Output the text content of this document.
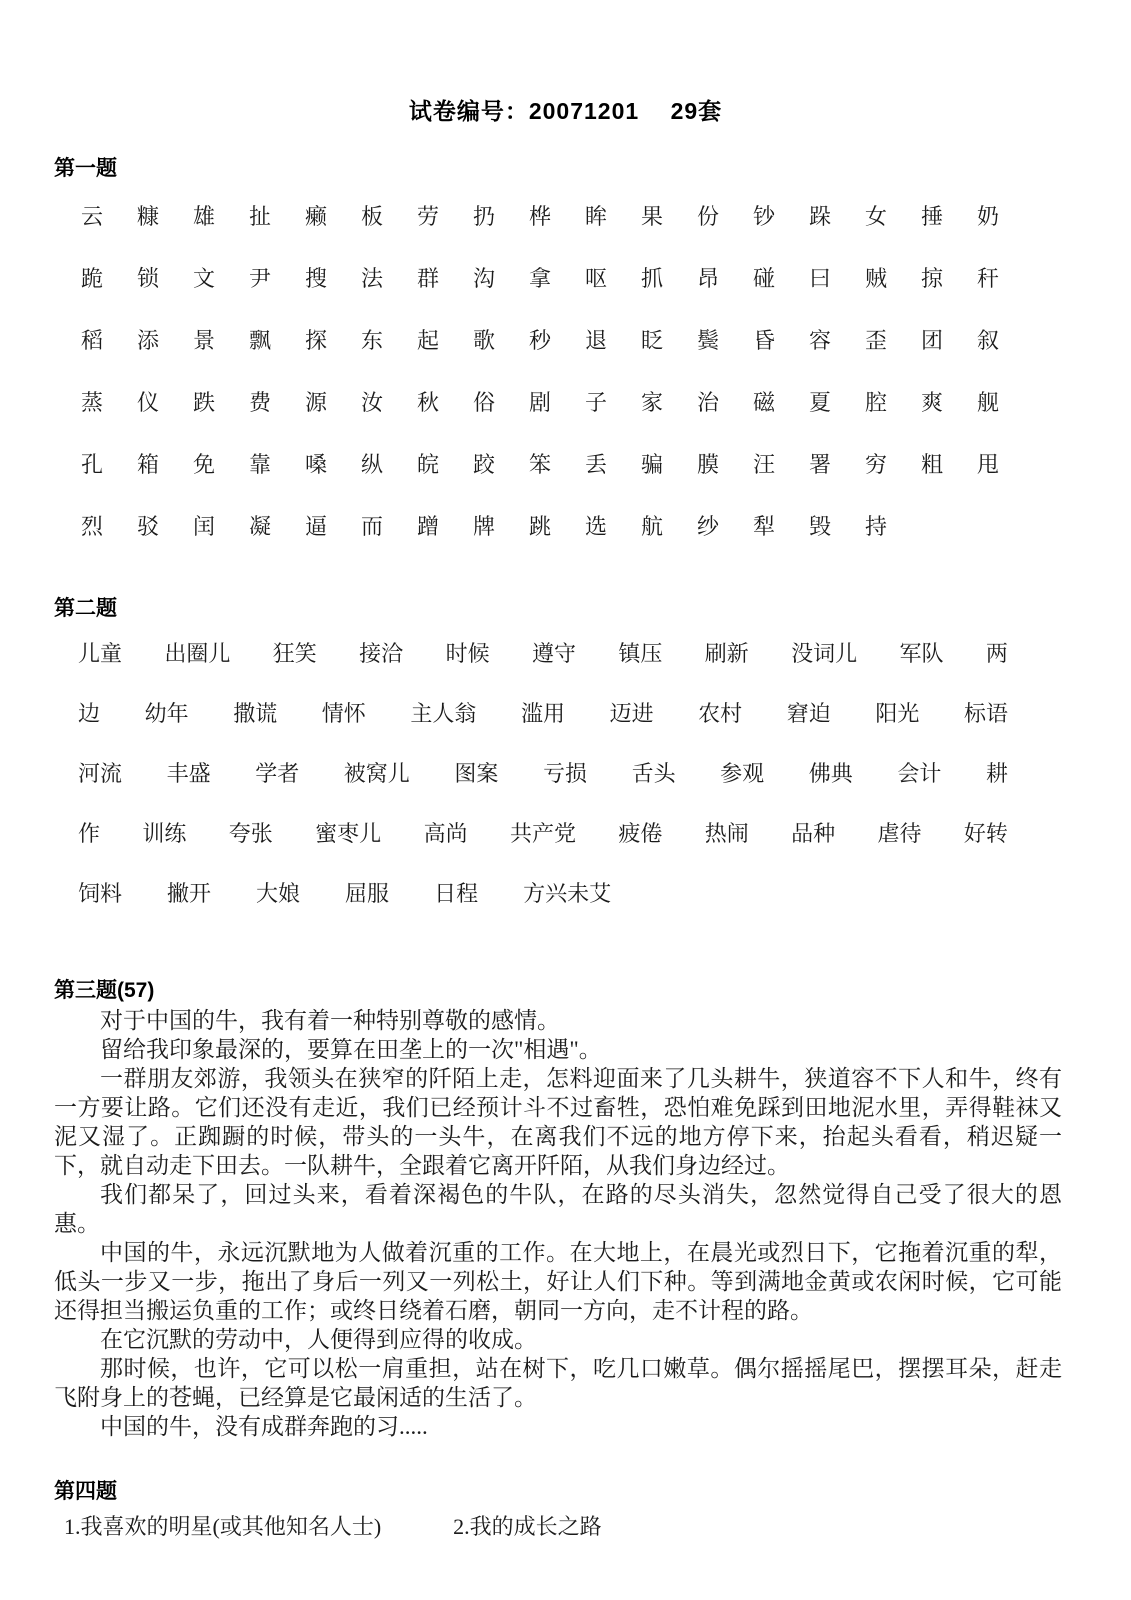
试卷编号：20071201　 29套
第一题
云	糠	雄	扯	癞	板	劳	扔	桦	眸	果	份	钞	跺	女	捶	奶
跪	锁	文	尹	搜	法	群	沟	拿	呕	抓	昂	碰	曰	贼	掠	秆
稻	添	景	飘	探	东	起	歌	秒	退	眨	鬓	昏	容	歪	团	叙
蒸	仪	跌	费	源	汝	秋	俗	剧	子	家	治	磁	夏	腔	爽	舰
孔	箱	免	靠	嗓	纵	皖	跤	笨	丢	骗	膜	汪	署	穷	粗	甩
烈	驳	闰	凝	逼	而	蹭	牌	跳	选	航	纱	犁	毁	持
第二题
儿童 出圈儿 狂笑 接洽 时候 遵守 镇压 刷新 没词儿 军队 两
边 幼年 撒谎 情怀 主人翁 滥用 迈进 农村 窘迫 阳光 标语
河流 丰盛 学者 被窝儿 图案 亏损 舌头 参观 佛典 会计 耕
作 训练 夸张 蜜枣儿 高尚 共产党 疲倦 热闹 品种 虐待 好转
饲料 撇开 大娘 屈服 日程 方兴未艾
第三题(57)

对于中国的牛，我有着一种特别尊敬的感情。

留给我印象最深的，要算在田垄上的一次"相遇"。

一群朋友郊游，我领头在狭窄的阡陌上走，怎料迎面来了几头耕牛，狭道容不下人和牛，终有一方要让路。它们还没有走近，我们已经预计斗不过畜牲，恐怕难免踩到田地泥水里，弄得鞋袜又泥又湿了。正踟蹰的时候，带头的一头牛，在离我们不远的地方停下来，抬起头看看，稍迟疑一下，就自动走下田去。一队耕牛，全跟着它离开阡陌，从我们身边经过。

我们都呆了，回过头来，看着深褐色的牛队，在路的尽头消失，忽然觉得自己受了很大的恩惠。

中国的牛，永远沉默地为人做着沉重的工作。在大地上，在晨光或烈日下，它拖着沉重的犁，低头一步又一步，拖出了身后一列又一列松土，好让人们下种。等到满地金黄或农闲时候，它可能还得担当搬运负重的工作；或终日绕着石磨，朝同一方向，走不计程的路。

在它沉默的劳动中，人便得到应得的收成。

那时候，也许，它可以松一肩重担，站在树下，吃几口嫩草。偶尔摇摇尾巴，摆摆耳朵，赶走飞附身上的苍蝇，已经算是它最闲适的生活了。

中国的牛，没有成群奔跑的习.....

第四题
1.我喜欢的明星(或其他知名人士)	2.我的成长之路
